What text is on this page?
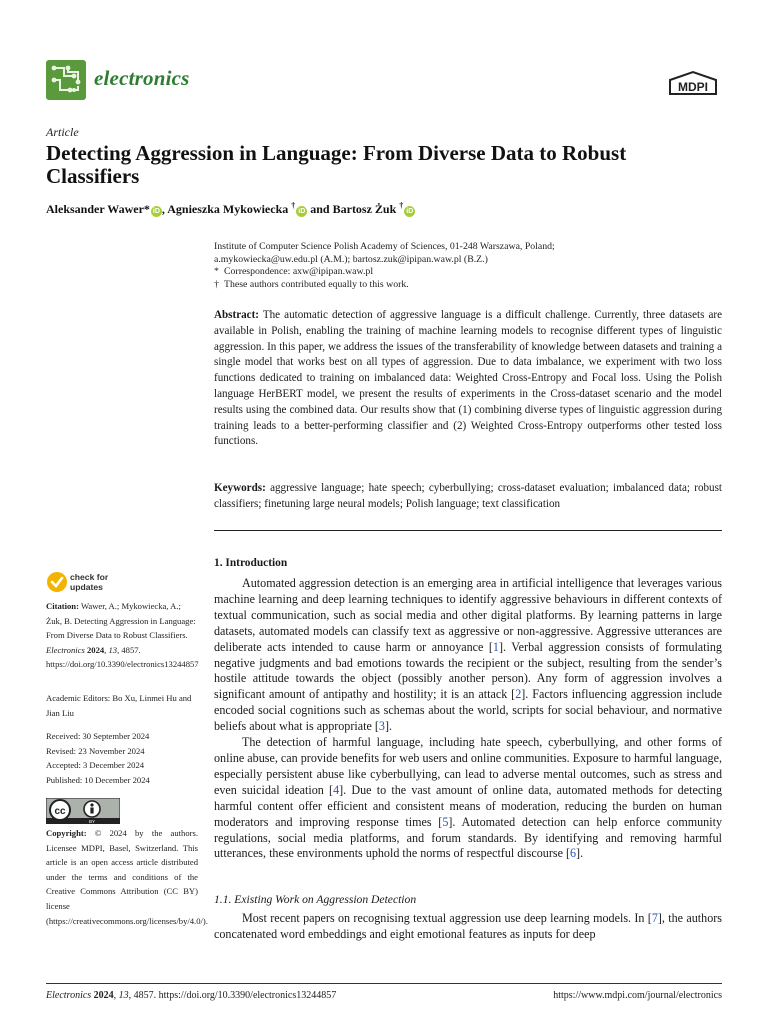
electronics	MDPI
Article
Detecting Aggression in Language: From Diverse Data to Robust Classifiers
Aleksander Wawer* iD , Agnieszka Mykowiecka †iD and Bartosz Żuk †iD
Institute of Computer Science Polish Academy of Sciences, 01-248 Warszawa, Poland;
a.mykowiecka@uw.edu.pl (A.M.); bartosz.zuk@ipipan.waw.pl (B.Z.)
* Correspondence: axw@ipipan.waw.pl
† These authors contributed equally to this work.
Abstract: The automatic detection of aggressive language is a difficult challenge. Currently, three datasets are available in Polish, enabling the training of machine learning models to recognise different types of linguistic aggression. In this paper, we address the issues of the transferability of knowledge between datasets and training a single model that works best on all types of aggression. Due to data imbalance, we experiment with two loss functions dedicated to training on imbalanced data: Weighted Cross-Entropy and Focal loss. Using the Polish language HerBERT model, we present the results of experiments in the Cross-dataset scenario and the model results using the combined data. Our results show that (1) combining diverse types of linguistic aggression during training leads to a better-performing classifier and (2) Weighted Cross-Entropy outperforms other tested loss functions.
Keywords: aggressive language; hate speech; cyberbullying; cross-dataset evaluation; imbalanced data; robust classifiers; finetuning large neural models; Polish language; text classification
1. Introduction

Automated aggression detection is an emerging area in artificial intelligence that leverages various machine learning and deep learning techniques to identify aggressive behaviours in different contexts of textual communication, such as social media and other digital platforms. By learning patterns in large datasets, automated models can classify text as aggressive or non-aggressive. Aggressive utterances are deliberate acts intended to cause harm or annoyance [1]. Verbal aggression consists of formulating negative judgments and bad emotions towards the recipient or the subject, resulting from the sender’s hostile attitude towards the object (possibly another person). Any form of aggression involves a significant amount of antipathy and hostility; it is an attack [2]. Factors influencing aggression include encoded social cognitions such as schemas about the world, scripts for social behaviour, and normative beliefs about what is appropriate [3].

The detection of harmful language, including hate speech, cyberbullying, and other forms of online abuse, can provide benefits for web users and online communities. Exposure to harmful language, especially persistent abuse like cyberbullying, can lead to adverse mental outcomes, such as stress and even suicidal ideation [4]. Due to the vast amount of online data, automated methods for detecting harmful content offer efficient and consistent means of moderation, reducing the burden on human moderators and improving response times [5]. Automated detection can help enforce community regulations, social media platforms, and forum standards. By identifying and removing harmful utterances, these environments uphold the norms of respectful discourse [6].

1.1. Existing Work on Aggression Detection
Most recent papers on recognising textual aggression use deep learning models. In [7], the authors concatenated word embeddings and eight emotional features as inputs for deep
check for updates
Citation: Wawer, A.; Mykowiecka, A.; Żuk, B. Detecting Aggression in Language: From Diverse Data to Robust Classifiers. Electronics 2024, 13, 4857. https://doi.org/10.3390/electronics13244857
Academic Editors: Bo Xu, Linmei Hu and Jian Liu
Received: 30 September 2024
Revised: 23 November 2024
Accepted: 3 December 2024
Published: 10 December 2024
cc
BY
Copyright: © 2024 by the authors. Licensee MDPI, Basel, Switzerland. This article is an open access article distributed under the terms and conditions of the Creative Commons Attribution (CC BY) license (https://creativecommons.org/licenses/by/4.0/).
Electronics 2024, 13, 4857. https://doi.org/10.3390/electronics13244857	https://www.mdpi.com/journal/electronics
